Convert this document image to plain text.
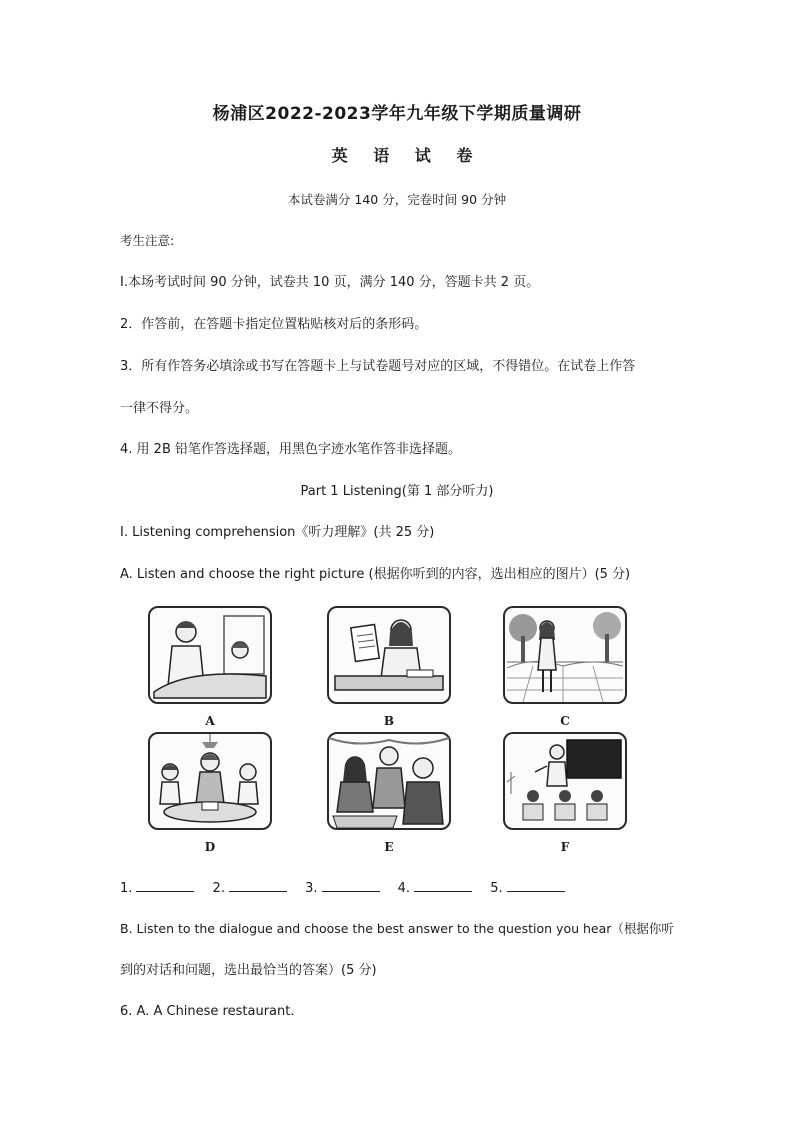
杨浦区2022-2023学年九年级下学期质量调研
英 语 试 卷
本试卷满分 140 分，完卷时间 90 分钟
考生注意:
I.本场考试时间 90 分钟，试卷共 10 页，满分 140 分，答题卡共 2 页。
2．作答前，在答题卡指定位置粘贴核对后的条形码。
3．所有作答务必填涂或书写在答题卡上与试卷题号对应的区域，不得错位。在试卷上作答
一律不得分。
4. 用 2B 铅笔作答选择题，用黑色字迹水笔作答非选择题。
Part 1 Listening(第 1 部分听力)
I. Listening comprehension《听力理解》(共 25 分)
A. Listen and choose the right picture (根据你听到的内容，选出相应的图片）(5 分)
A	B	C
D	E	F
1.	2.	3.	4.	5.
B. Listen to the dialogue and choose the best answer to the question you hear（根据你听
到的对话和问题，选出最恰当的答案）(5 分)
6. A. A Chinese restaurant.
